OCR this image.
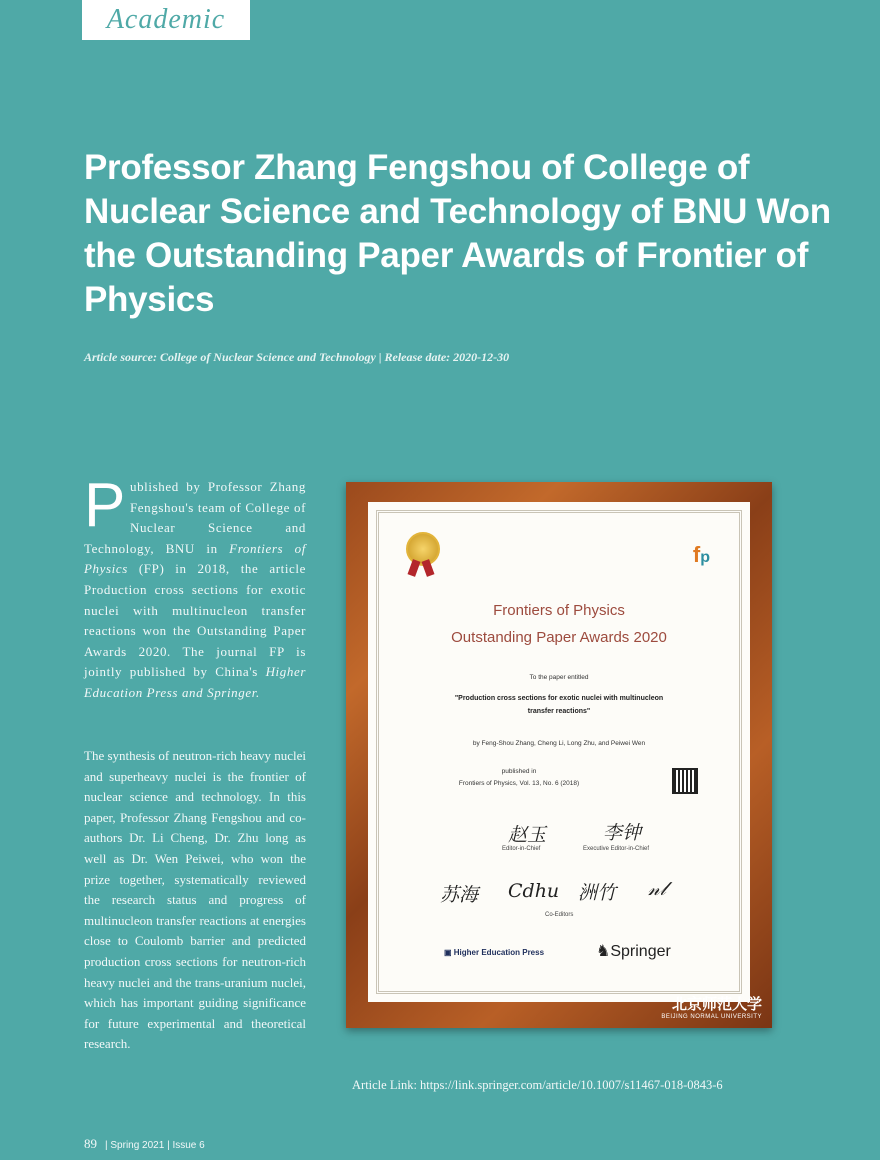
Academic
Professor Zhang Fengshou of College of Nuclear Science and Technology of BNU Won the Outstanding Paper Awards of Frontier of Physics
Article source: College of Nuclear Science and Technology | Release date: 2020-12-30
Published by Professor Zhang Fengshou's team of College of Nuclear Science and Technology, BNU in Frontiers of Physics (FP) in 2018, the article Production cross sections for exotic nuclei with multinucleon transfer reactions won the Outstanding Paper Awards 2020. The journal FP is jointly published by China's Higher Education Press and Springer.
The synthesis of neutron-rich heavy nuclei and superheavy nuclei is the frontier of nuclear science and technology. In this paper, Professor Zhang Fengshou and co-authors Dr. Li Cheng, Dr. Zhu long as well as Dr. Wen Peiwei, who won the prize together, systematically reviewed the research status and progress of multinucleon transfer reactions at energies close to Coulomb barrier and predicted production cross sections for neutron-rich heavy nuclei and the trans-uranium nuclei, which has important guiding significance for future experimental and theoretical research.
fp
Frontiers of Physics
Outstanding Paper Awards 2020
To the paper entitled
"Production cross sections for exotic nuclei with multinucleon
transfer reactions"
by Feng-Shou Zhang, Cheng Li, Long Zhu, and Peiwei Wen
published in
Frontiers of Physics, Vol. 13, No. 6 (2018)
赵玉	李钟
Editor-in-Chief	Executive Editor-in-Chief
苏海 Cdhu 洲竹 𝓃𝓁
Co-Editors
▣ Higher Education Press	♞Springer
北京师范大学
BEIJING NORMAL UNIVERSITY
Article Link: https://link.springer.com/article/10.1007/s11467-018-0843-6
89 | Spring 2021 | Issue 6
